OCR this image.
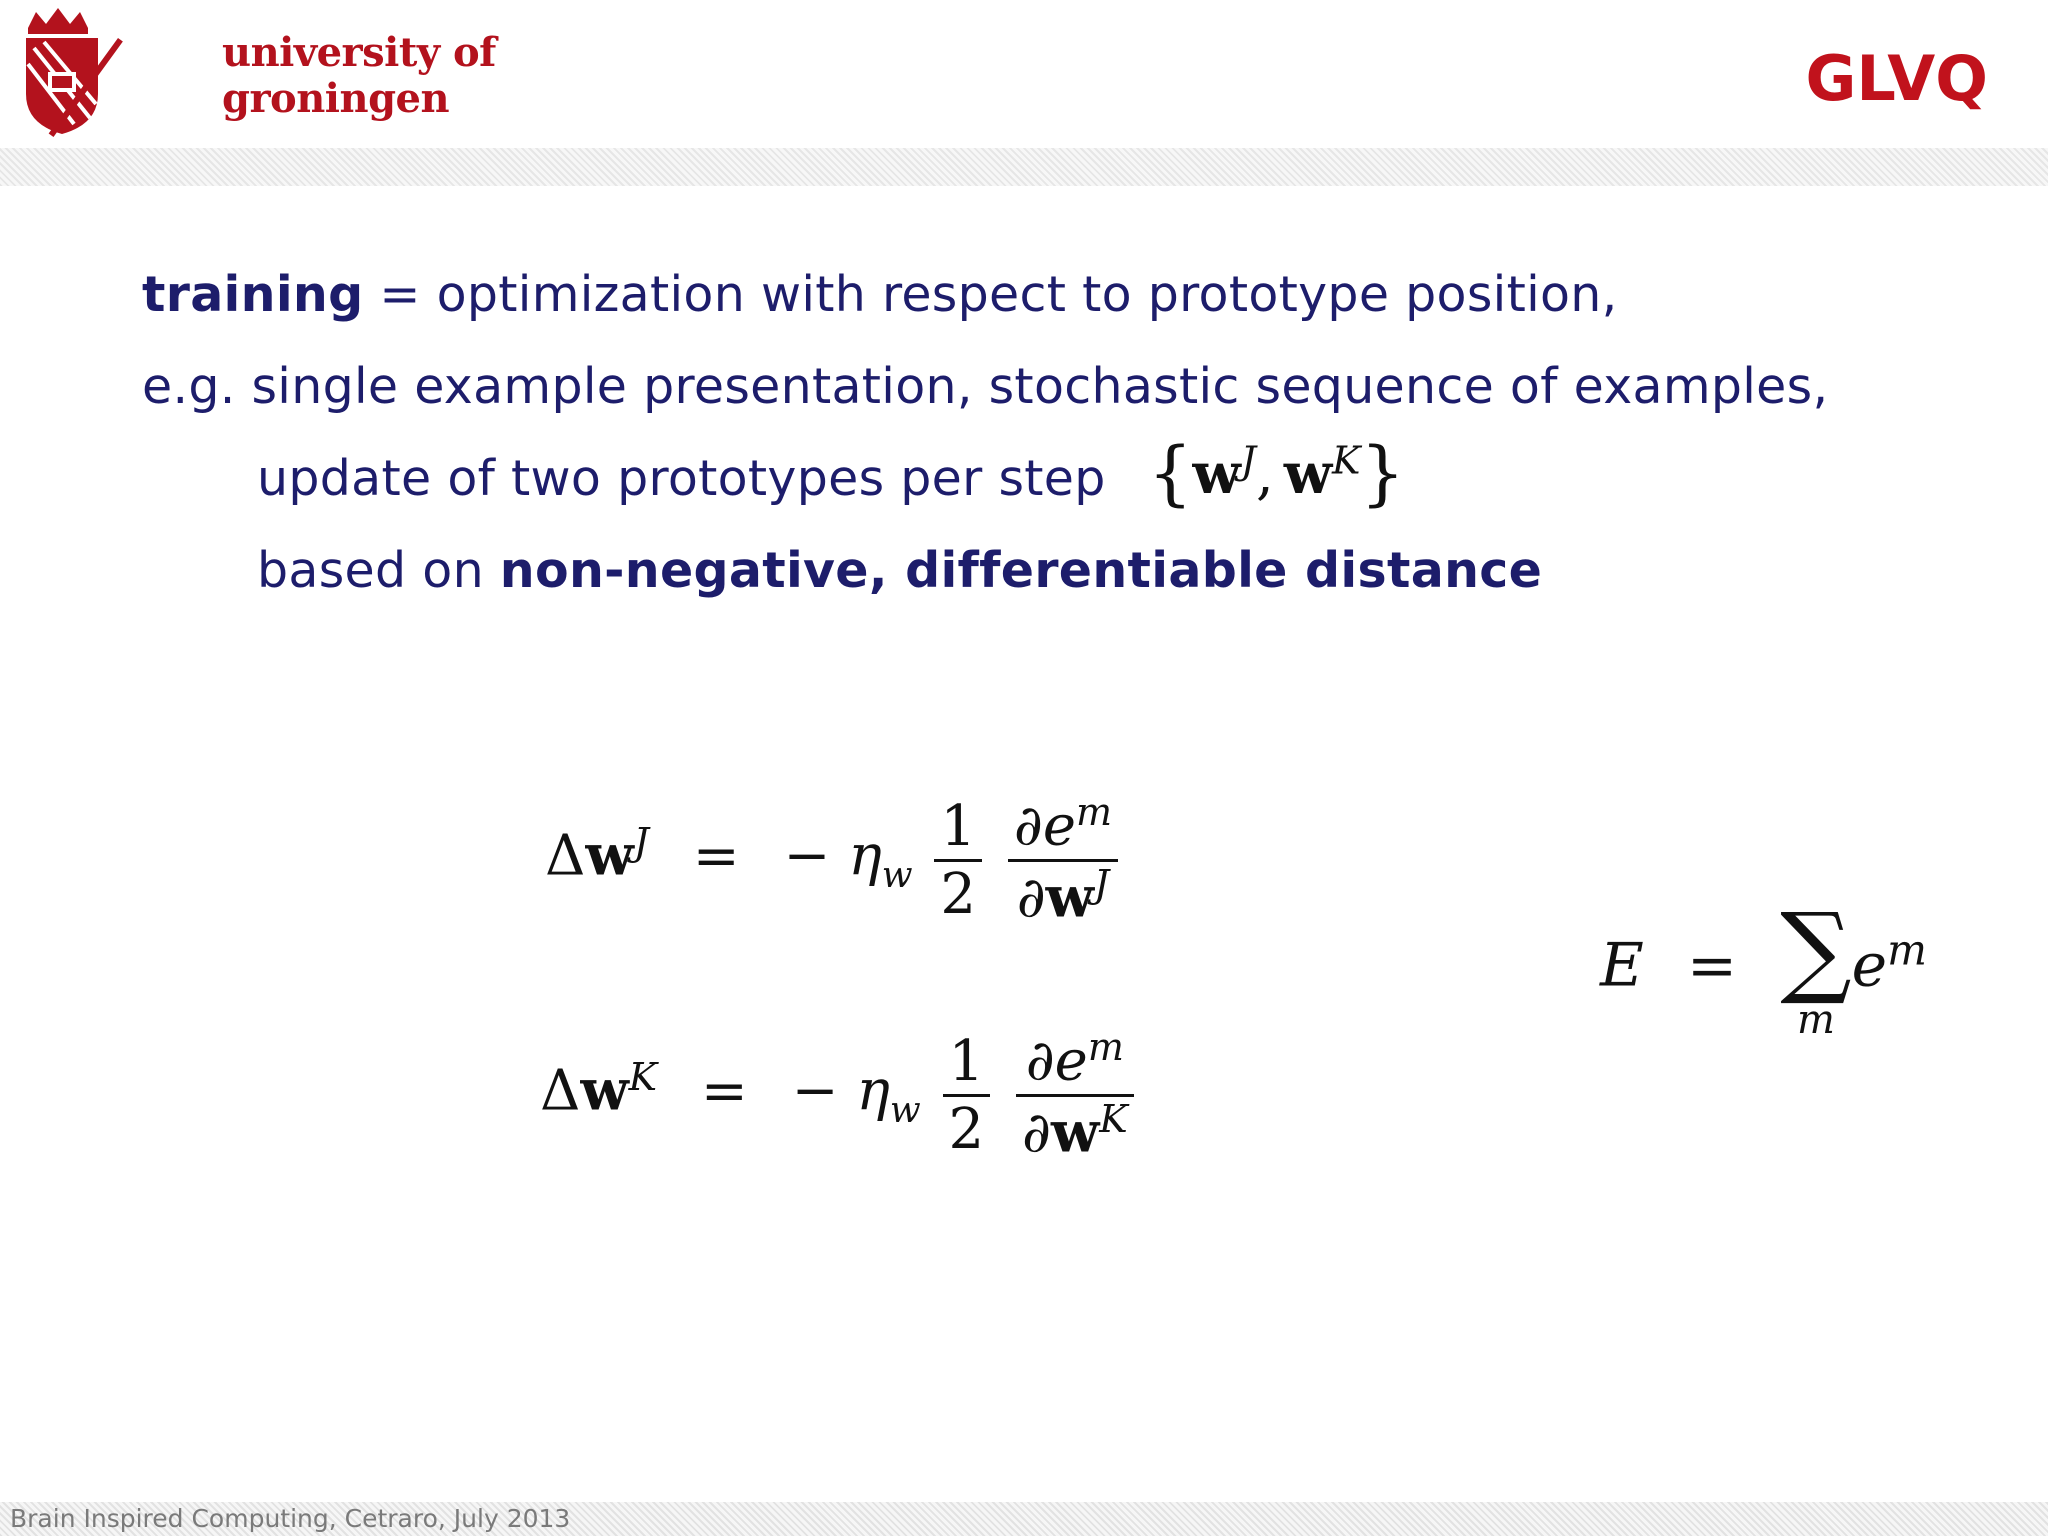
university of
groningen	GLVQ
training = optimization with respect to prototype position,
e.g. single example presentation, stochastic sequence of examples,
update of two prototypes per step
based on non-negative, differentiable distance
{$w^J$, $w^K$}
$\Delta w^J$ = − $\eta_w \frac{1}{2}$
$\frac{\partial e^m}{\partial w^J}$
$\Delta w^K$ = − $\eta_w \frac{1}{2}$
$\frac{\partial e^m}{\partial w^K}$
E = ∑
m
$e^m$
Brain Inspired Computing, Cetraro, July 2013
